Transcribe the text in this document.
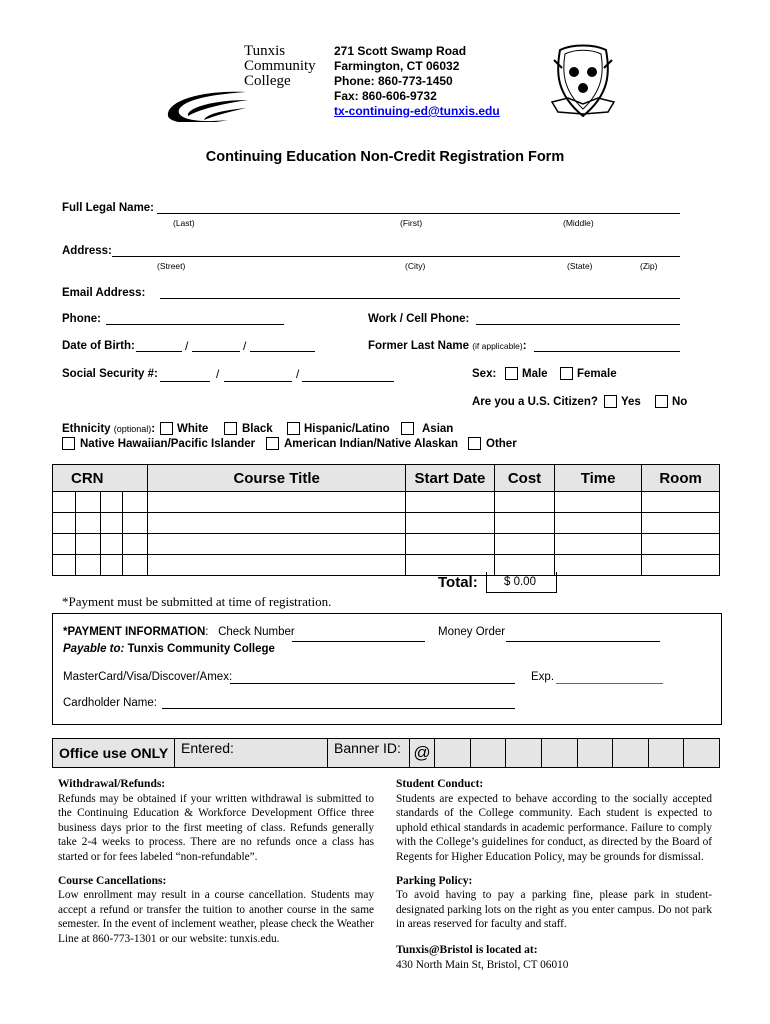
Tunxis
Community
College
271 Scott Swamp Road
Farmington, CT 06032
Phone: 860-773-1450
Fax: 860-606-9732
tx-continuing-ed@tunxis.edu
Continuing Education Non-Credit Registration Form
Full Legal Name:
(Last)	(First)	(Middle)
Address:
(Street)	(City)	(State)	(Zip)
Email Address:
Phone:	Work / Cell Phone:
Date of Birth:	/	/	Former Last Name (if applicable):
Social Security #:	/	/	Sex: Male	Female
Are you a U.S. Citizen? Yes	No
Ethnicity (optional): White	Black	Hispanic/Latino	Asian
Native Hawaiian/Pacific Islander	American Indian/Native Alaskan Other
CRN				Course Title	Start Date	Cost	Time	Room

Total: $ 0.00
*Payment must be submitted at time of registration.
*PAYMENT INFORMATION:   Check Number	Money Order
Payable to: Tunxis Community College
MasterCard/Visa/Discover/Amex:	Exp.
Cardholder Name:
Office use ONLY	Entered:	Banner ID:	@								
Withdrawal/Refunds:
Refunds may be obtained if your written withdrawal is submitted to the Continuing Education & Workforce Development Office three business days prior to the first meeting of class. Refunds generally take 2-4 weeks to process. There are no refunds once a class has started or for fees labeled “non-refundable”.
Course Cancellations:
Low enrollment may result in a course cancellation. Students may accept a refund or transfer the tuition to another course in the same semester. In the event of inclement weather, please check the Weather Line at 860-773-1301 or our website: tunxis.edu.
Student Conduct:
Students are expected to behave according to the socially accepted standards of the College community. Each student is expected to uphold ethical standards in academic performance. Failure to comply with the College’s guidelines for conduct, as directed by the Board of Regents for Higher Education Policy, may be grounds for dismissal.
Parking Policy:
To avoid having to pay a parking fine, please park in student-designated parking lots on the right as you enter campus. Do not park in areas reserved for faculty and staff.
Tunxis@Bristol is located at:
430 North Main St, Bristol, CT 06010
